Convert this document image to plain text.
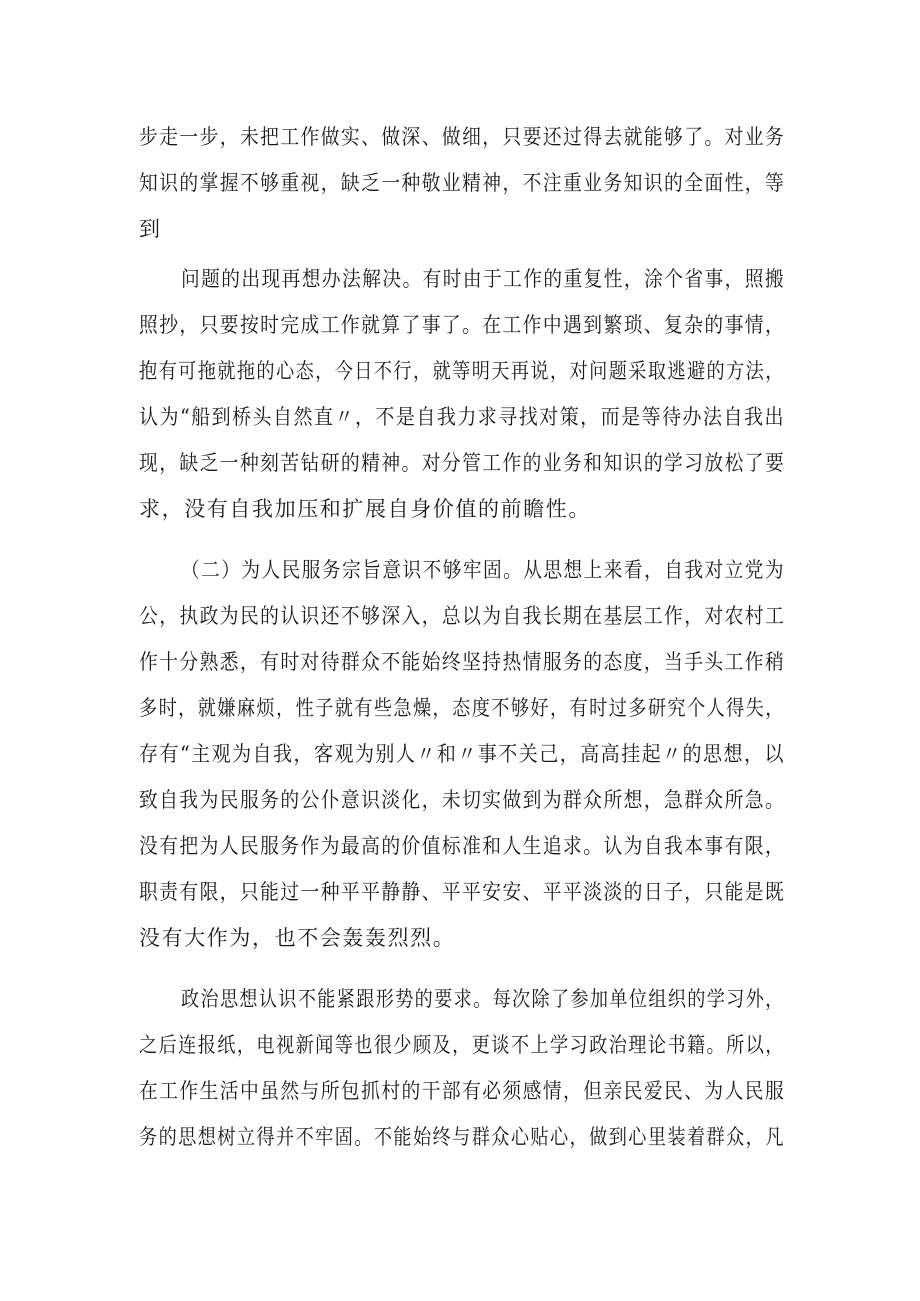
步走一步，未把工作做实、做深、做细，只要还过得去就能够了。对业务
知识的掌握不够重视，缺乏一种敬业精神，不注重业务知识的全面性，等
到
问题的出现再想办法解决。有时由于工作的重复性，涂个省事，照搬
照抄，只要按时完成工作就算了事了。在工作中遇到繁琐、复杂的事情，
抱有可拖就拖的心态，今日不行，就等明天再说，对问题采取逃避的方法，
认为“船到桥头自然直〃，不是自我力求寻找对策，而是等待办法自我出
现，缺乏一种刻苦钻研的精神。对分管工作的业务和知识的学习放松了要
求，没有自我加压和扩展自身价值的前瞻性。
（二）为人民服务宗旨意识不够牢固。从思想上来看，自我对立党为
公，执政为民的认识还不够深入，总以为自我长期在基层工作，对农村工
作十分熟悉，有时对待群众不能始终坚持热情服务的态度，当手头工作稍
多时，就嫌麻烦，性子就有些急燥，态度不够好，有时过多研究个人得失，
存有“主观为自我，客观为别人〃和〃事不关己，高高挂起〃的思想，以
致自我为民服务的公仆意识淡化，未切实做到为群众所想，急群众所急。
没有把为人民服务作为最高的价值标准和人生追求。认为自我本事有限，
职责有限，只能过一种平平静静、平平安安、平平淡淡的日子，只能是既
没有大作为，也不会轰轰烈烈。
政治思想认识不能紧跟形势的要求。每次除了参加单位组织的学习外，
之后连报纸，电视新闻等也很少顾及，更谈不上学习政治理论书籍。所以，
在工作生活中虽然与所包抓村的干部有必须感情，但亲民爱民、为人民服
务的思想树立得并不牢固。不能始终与群众心贴心，做到心里装着群众，凡
